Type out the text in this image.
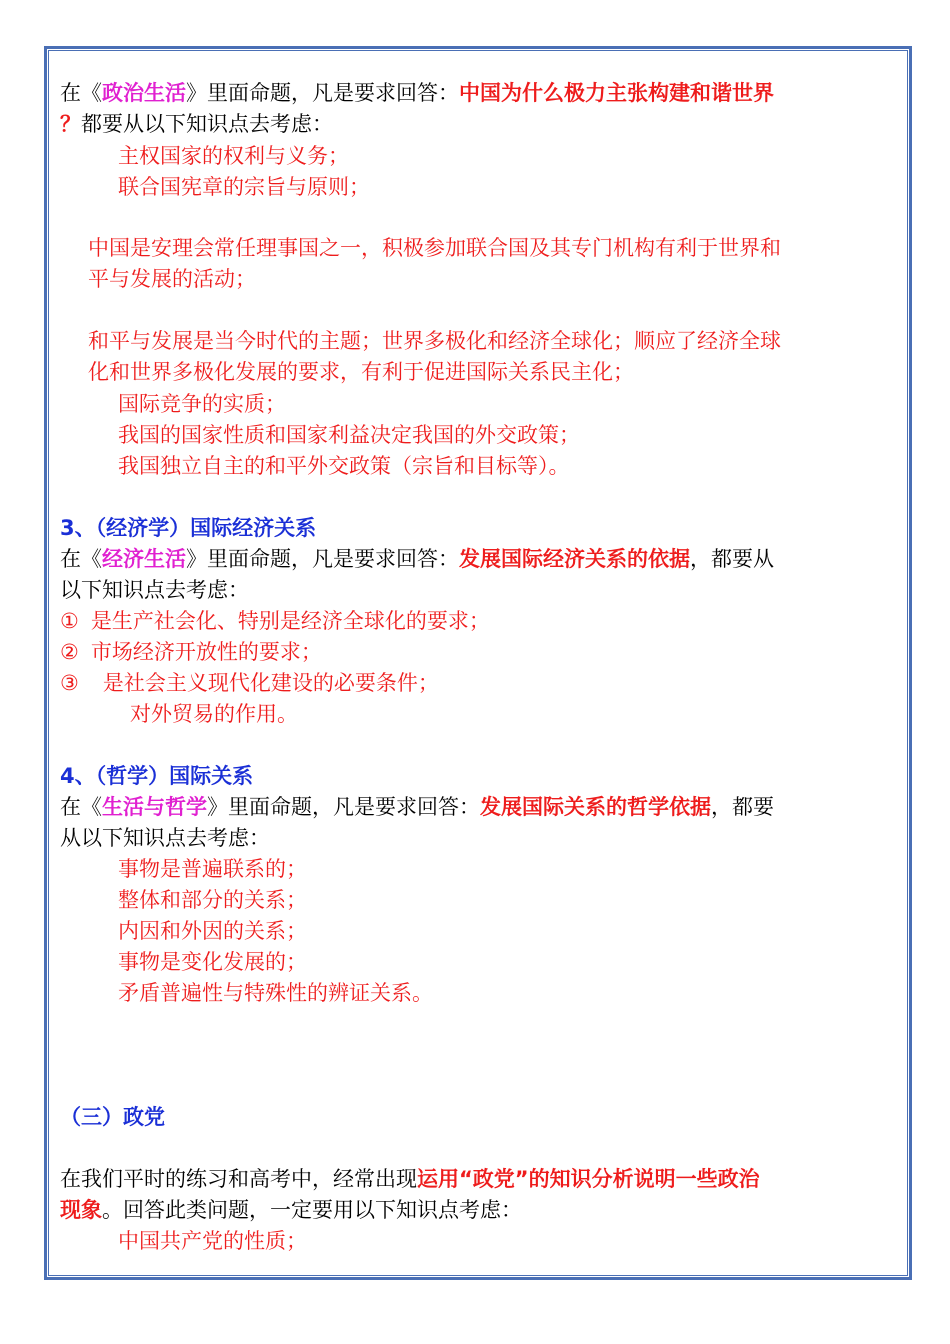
在《政治生活》里面命题，凡是要求回答：中国为什么极力主张构建和谐世界
？都要从以下知识点去考虑：
主权国家的权利与义务；
联合国宪章的宗旨与原则；
中国是安理会常任理事国之一，积极参加联合国及其专门机构有利于世界和
平与发展的活动；
和平与发展是当今时代的主题；世界多极化和经济全球化；顺应了经济全球
化和世界多极化发展的要求，有利于促进国际关系民主化；
国际竞争的实质；
我国的国家性质和国家利益决定我国的外交政策；
我国独立自主的和平外交政策（宗旨和目标等）。
3、（经济学）国际经济关系
在《经济生活》里面命题，凡是要求回答：发展国际经济关系的依据，都要从
以下知识点去考虑：
① 是生产社会化、特别是经济全球化的要求；
② 市场经济开放性的要求；
③ 是社会主义现代化建设的必要条件；
对外贸易的作用。
4、（哲学）国际关系
在《生活与哲学》里面命题，凡是要求回答：发展国际关系的哲学依据，都要
从以下知识点去考虑：
事物是普遍联系的；
整体和部分的关系；
内因和外因的关系；
事物是变化发展的；
矛盾普遍性与特殊性的辨证关系。
（三）政党
在我们平时的练习和高考中，经常出现运用“政党”的知识分析说明一些政治
现象。回答此类问题，一定要用以下知识点考虑：
中国共产党的性质；
